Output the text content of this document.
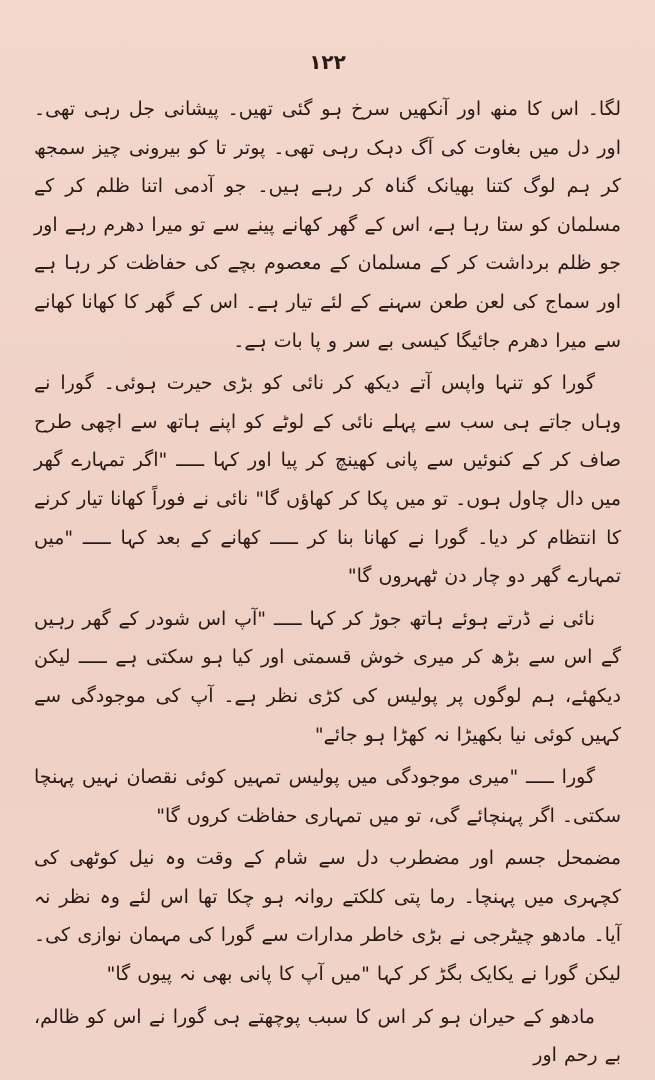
۱۲۲

لگا۔ اس کا منھ اور آنکھیں سرخ ہو گئی تھیں۔ پیشانی جل رہی تھی۔ اور دل میں بغاوت کی آگ دہک رہی تھی۔ پوتر تا کو بیرونی چیز سمجھ کر ہم لوگ کتنا بھیانک گناہ کر رہے ہیں۔ جو آدمی اتنا ظلم کر کے مسلمان کو ستا رہا ہے، اس کے گھر کھانے پینے سے تو میرا دھرم رہے اور جو ظلم برداشت کر کے مسلمان کے معصوم بچے کی حفاظت کر رہا ہے اور سماج کی لعن طعن سہنے کے لئے تیار ہے۔ اس کے گھر کا کھانا کھانے سے میرا دھرم جائیگا کیسی بے سر و پا بات ہے۔

گورا کو تنہا واپس آتے دیکھ کر نائی کو بڑی حیرت ہوئی۔ گورا نے وہاں جاتے ہی سب سے پہلے نائی کے لوٹے کو اپنے ہاتھ سے اچھی طرح صاف کر کے کنوئیں سے پانی کھینچ کر پیا اور کہا ـــــ "اگر تمہارے گھر میں دال چاول ہوں۔ تو میں پکا کر کھاؤں گا" نائی نے فوراً کھانا تیار کرنے کا انتظام کر دیا۔ گورا نے کھانا بنا کر ـــــ کھانے کے بعد کہا ـــــ "میں تمہارے گھر دو چار دن ٹھہروں گا"

نائی نے ڈرتے ہوئے ہاتھ جوڑ کر کہا ـــــ "آپ اس شودر کے گھر رہیں گے اس سے بڑھ کر میری خوش قسمتی اور کیا ہو سکتی ہے ـــــ لیکن دیکھئے، ہم لوگوں پر پولیس کی کڑی نظر ہے۔ آپ کی موجودگی سے کہیں کوئی نیا بکھیڑا نہ کھڑا ہو جائے"

گورا ـــــ "میری موجودگی میں پولیس تمہیں کوئی نقصان نہیں پہنچا سکتی۔ اگر پہنچائے گی، تو میں تمہاری حفاظت کروں گا"

مضمحل جسم اور مضطرب دل سے شام کے وقت وہ نیل کوٹھی کی کچہری میں پہنچا۔ رما پتی کلکتے روانہ ہو چکا تھا اس لئے وہ نظر نہ آیا۔ مادھو چیٹرجی نے بڑی خاطر مدارات سے گورا کی مہمان نوازی کی۔ لیکن گورا نے یکایک بگڑ کر کہا "میں آپ کا پانی بھی نہ پیوں گا"

مادھو کے حیران ہو کر اس کا سبب پوچھتے ہی گورا نے اس کو ظالم، بے رحم اور
